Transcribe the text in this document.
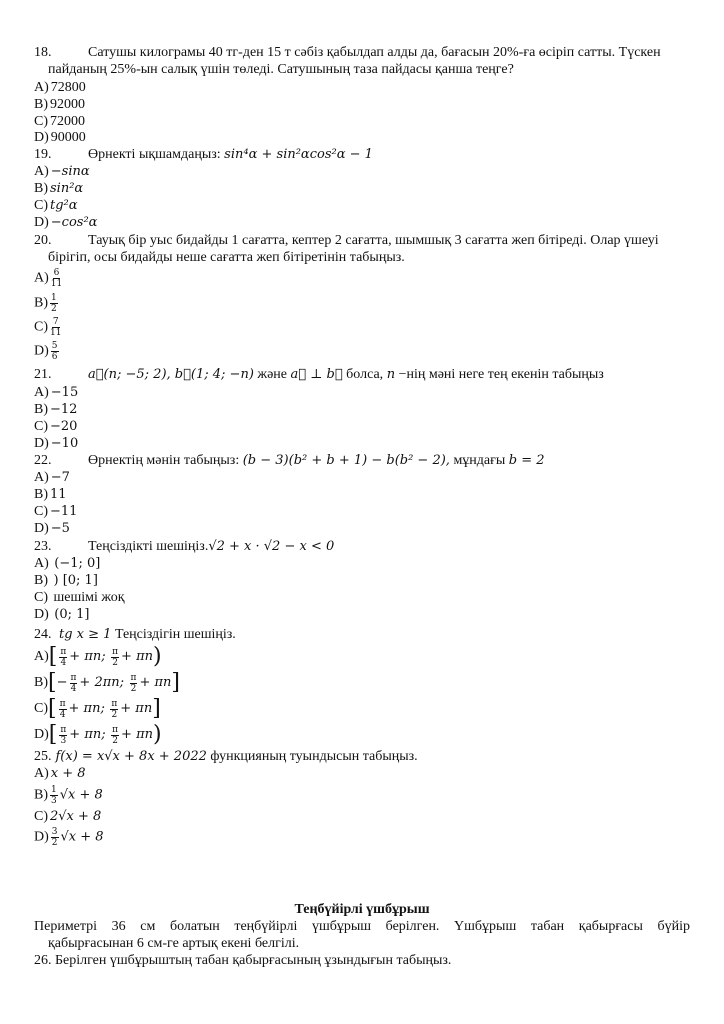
18.	Сатушы килограмы 40 тг-ден 15 т сәбіз қабылдап алды да, бағасын 20%-ға өсіріп сатты. Түскен
пайданың 25%-ын салық үшін төледі. Сатушының таза пайдасы қанша теңге?
A) 72800
B) 92000
C) 72000
D) 90000
19.	Өрнекті ықшамдаңыз: sin⁴α + sin²αcos²α − 1
A) −sinα
B) sin²α
C) tg²α
D) −cos²α
20.	Тауық бір уыс бидайды 1 сағатта, кептер 2 сағатта, шымшық 3 сағатта жеп бітіреді. Олар үшеуі
бірігіп, осы бидайды неше сағатта жеп бітіретінін табыңыз.
$A) \frac{6}{11}$
$B) \frac{1}{2}$
$C) \frac{7}{11}$
$D) \frac{5}{6}$
21.	a⃗(n; −5; 2), b⃗(1; 4; −n) және a⃗ ⊥ b⃗ болса, n −нің мәні неге тең екенін табыңыз
A) −15
B) −12
C) −20
D) −10
22.	Өрнектің мәнін табыңыз: (b − 3)(b² + b + 1) − b(b² − 2), мұндағы b = 2
A) −7
B) 11
C) −11
D) −5
23.	Теңсіздікті шешіңіз.√2 + x · √2 − x < 0
A) (−1; 0]
B) ) [0; 1]
C) шешімі жоқ
D) (0; 1]
24. tg x ≥ 1 Теңсіздігін шешіңіз.
$A)[ \frac{\pi}{4} + \pi n$; $\frac{\pi}{2} + \pi n$)
$B)[- \frac{\pi}{4} + 2\pi n$; $\frac{\pi}{2} + \pi n$]
$C)[ \frac{\pi}{4} + \pi n$; $\frac{\pi}{2} + \pi n$]
$D)[ \frac{\pi}{3} + \pi n$; $\frac{\pi}{2} + \pi n$)
25. f(x) = x√x + 8x + 2022 функцияның туындысын табыңыз.
A) x + 8
$B) \frac{1}{3} √x + 8$
C) 2√x + 8
$D) \frac{3}{2} √x + 8$
Теңбүйірлі үшбұрыш
Периметрі 36 см болатын теңбүйірлі үшбұрыш берілген. Үшбұрыш табан қабырғасы бүйір
қабырғасынан 6 см-ге артық екені белгілі.
26. Берілген үшбұрыштың табан қабырғасының ұзындығын табыңыз.
